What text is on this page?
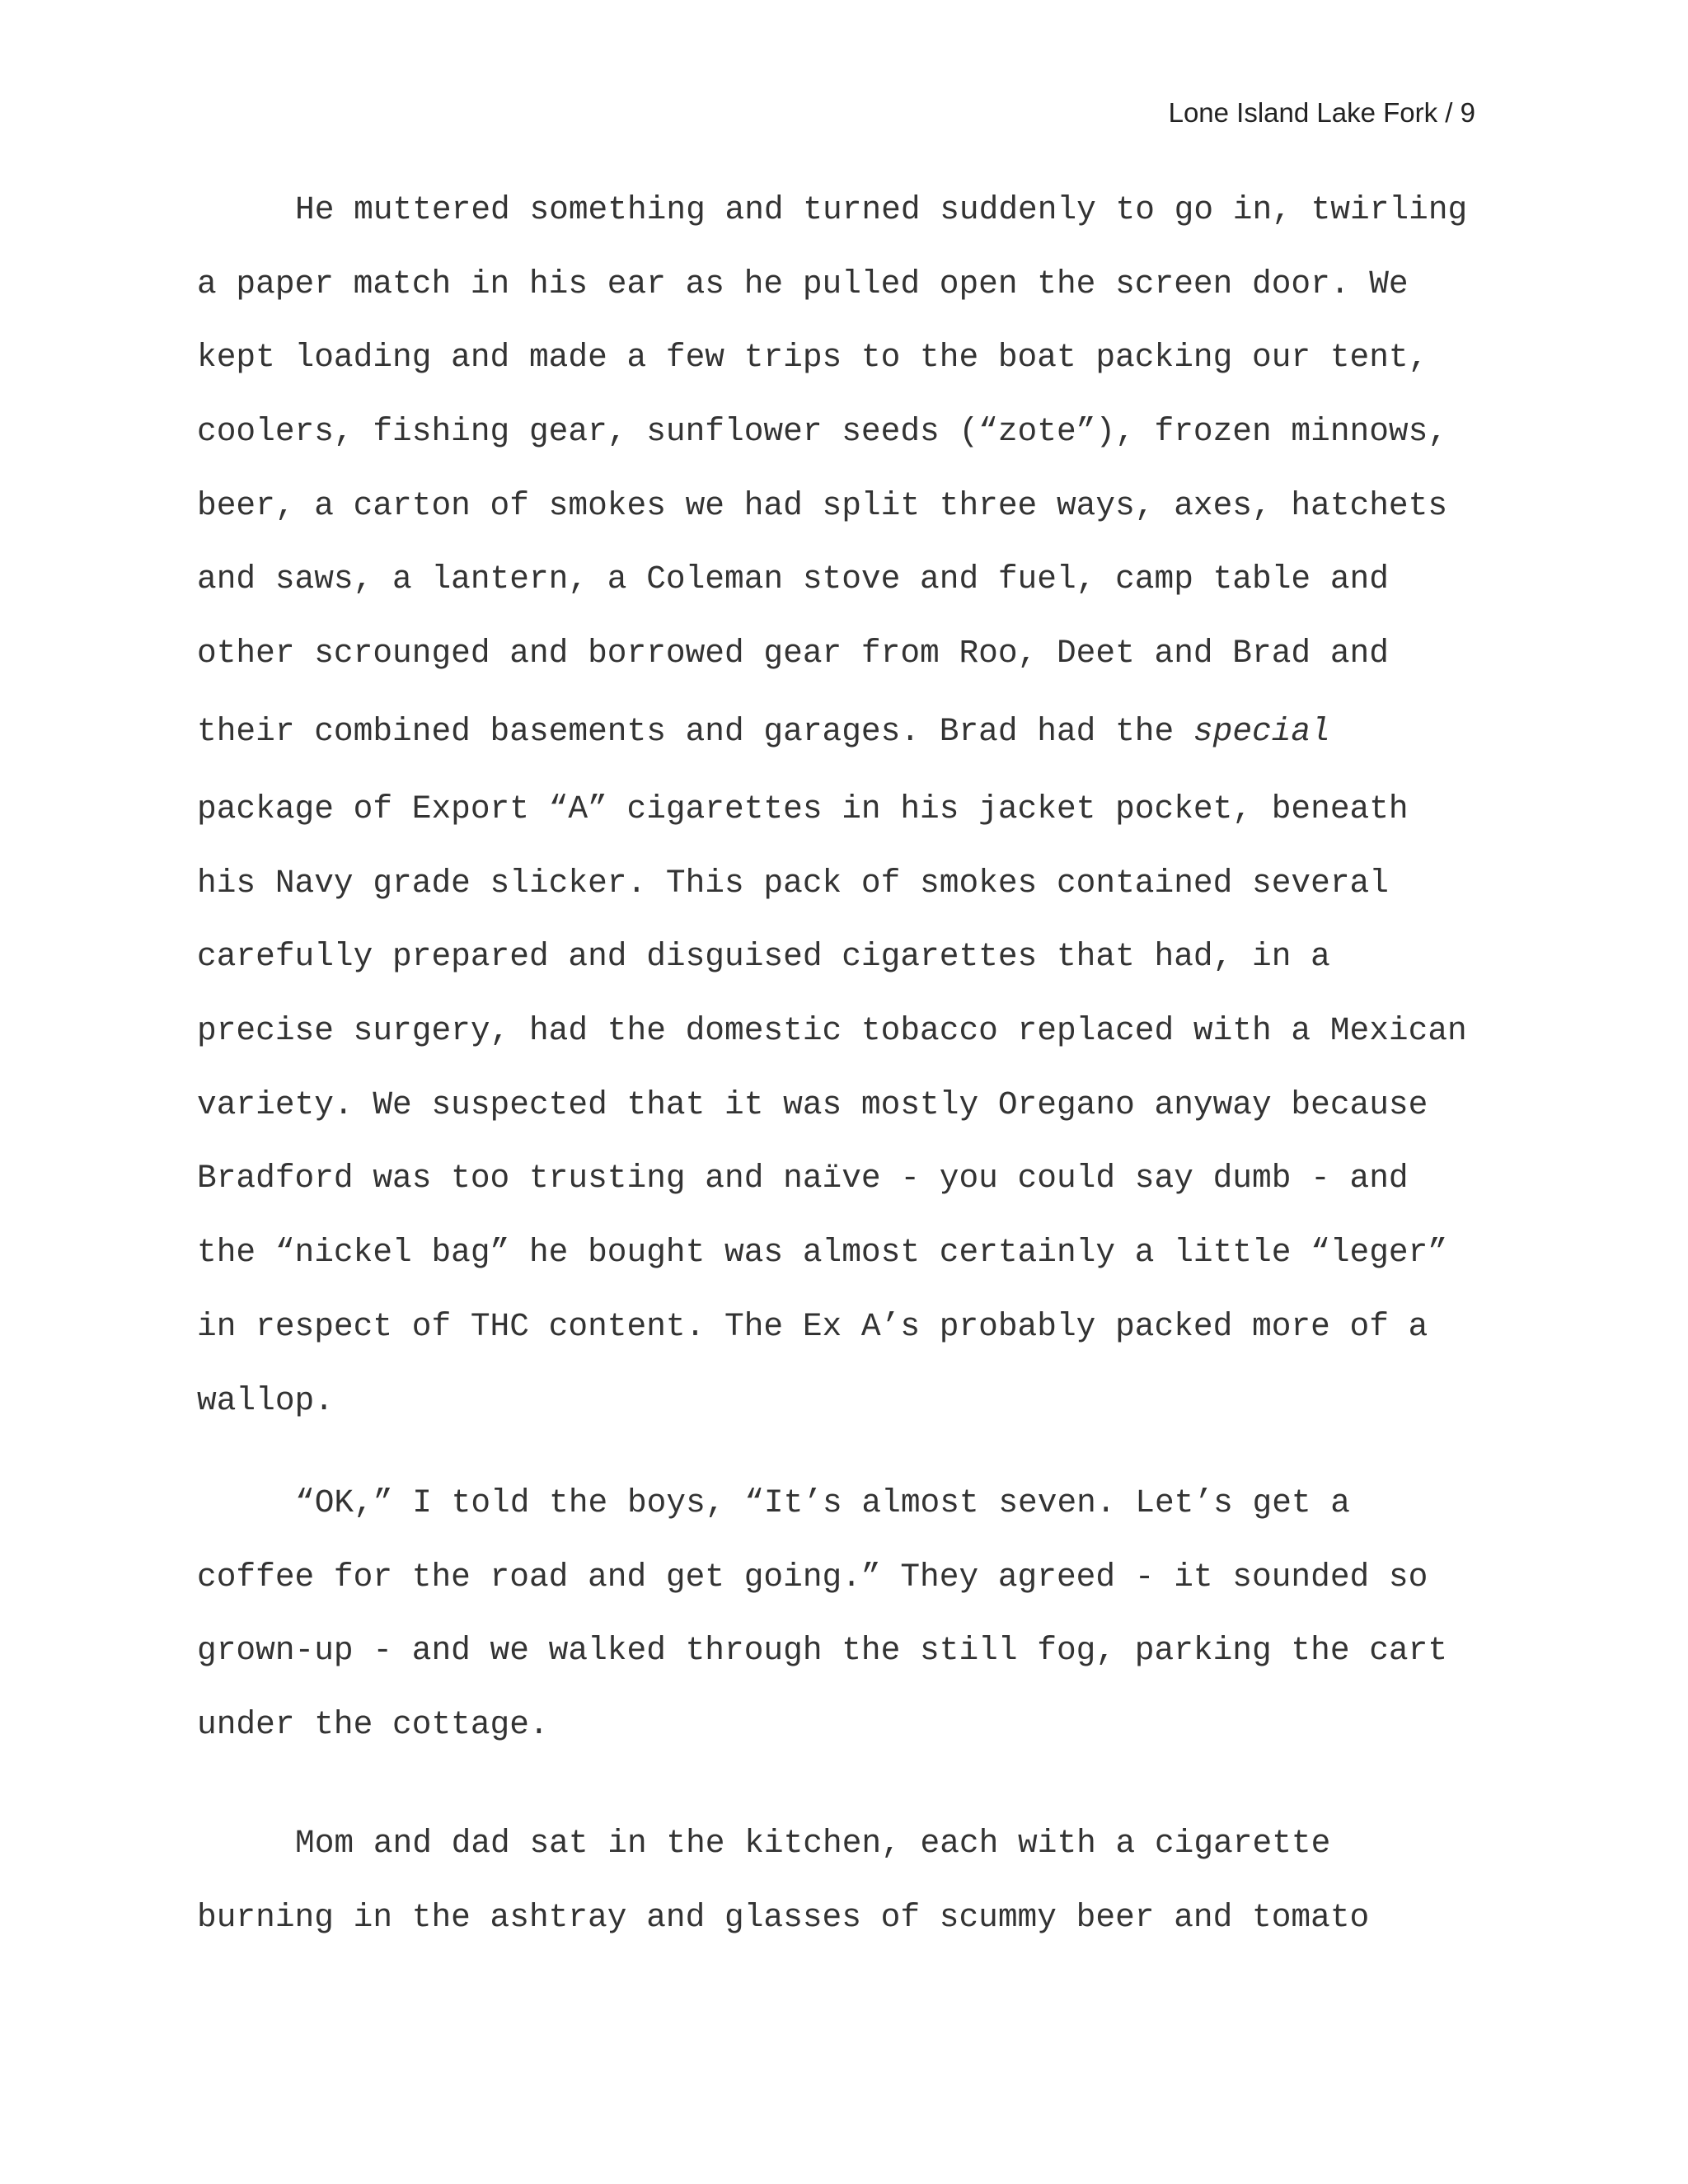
Lone Island Lake Fork / 9
He muttered something and turned suddenly to go in, twirling
a paper match in his ear as he pulled open the screen door. We
kept loading and made a few trips to the boat packing our tent,
coolers, fishing gear, sunflower seeds (“zote”), frozen minnows,
beer, a carton of smokes we had split three ways, axes, hatchets
and saws, a lantern, a Coleman stove and fuel, camp table and
other scrounged and borrowed gear from Roo, Deet and Brad and
their combined basements and garages. Brad had the special
package of Export “A” cigarettes in his jacket pocket, beneath
his Navy grade slicker. This pack of smokes contained several
carefully prepared and disguised cigarettes that had, in a
precise surgery, had the domestic tobacco replaced with a Mexican
variety. We suspected that it was mostly Oregano anyway because
Bradford was too trusting and naïve - you could say dumb - and
the “nickel bag” he bought was almost certainly a little “leger”
in respect of THC content. The Ex A’s probably packed more of a
wallop.
“OK,” I told the boys, “It’s almost seven. Let’s get a
coffee for the road and get going.” They agreed - it sounded so
grown-up - and we walked through the still fog, parking the cart
under the cottage.
Mom and dad sat in the kitchen, each with a cigarette
burning in the ashtray and glasses of scummy beer and tomato
